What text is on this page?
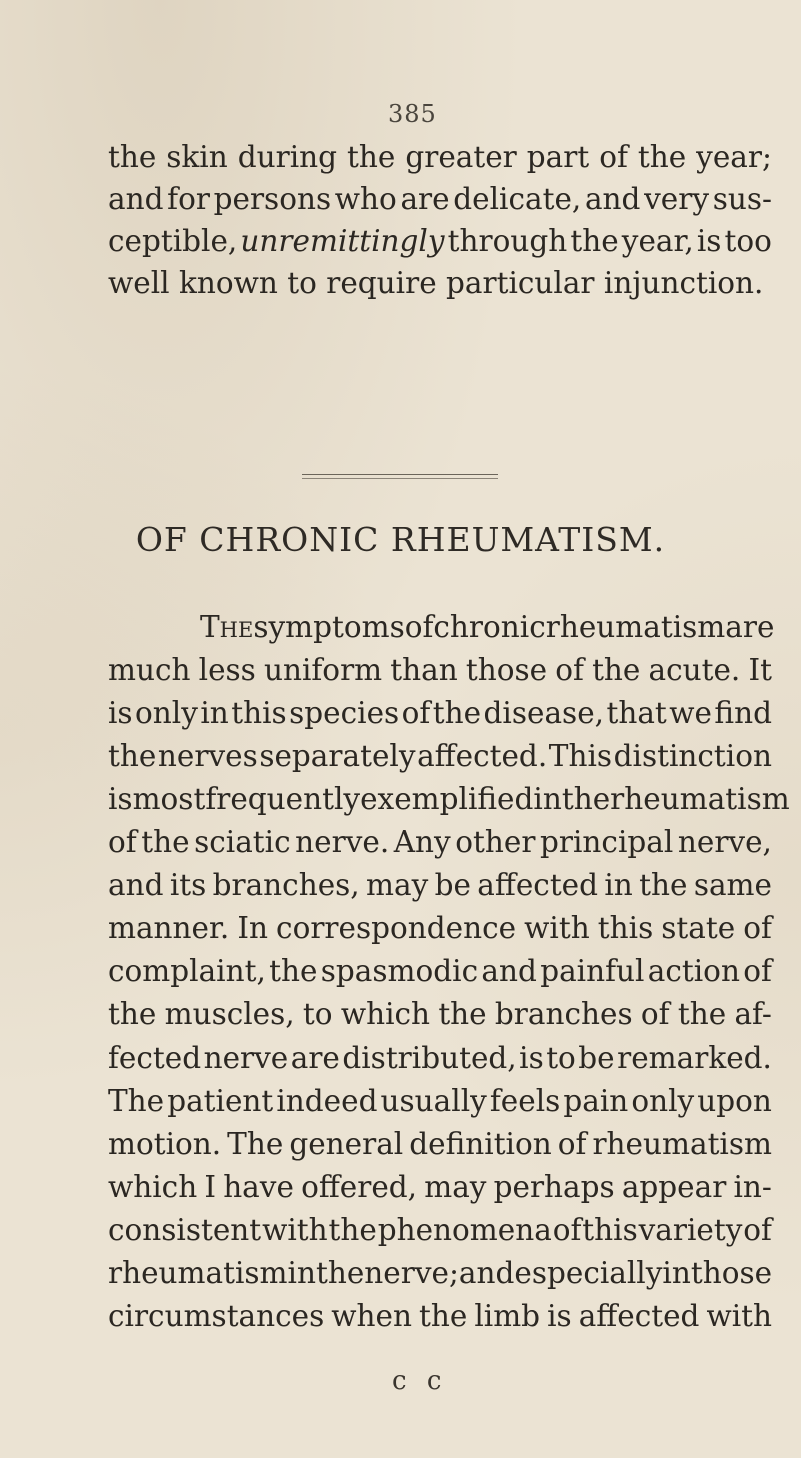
385
the skin during the greater part of the year;
and for persons who are delicate, and very sus-
ceptible, unremittingly through the year, is too
well known to require particular injunction.
OF CHRONIC RHEUMATISM.
The symptoms of chronic rheumatism are
much less uniform than those of the acute. It
is only in this species of the disease, that we find
the nerves separately affected. This distinction
is most frequently exemplified in the rheumatism
of the sciatic nerve. Any other principal nerve,
and its branches, may be affected in the same
manner. In correspondence with this state of
complaint, the spasmodic and painful action of
the muscles, to which the branches of the af-
fected nerve are distributed, is to be remarked.
The patient indeed usually feels pain only upon
motion. The general definition of rheumatism
which I have offered, may perhaps appear in-
consistent with the phenomena of this variety of
rheumatism in the nerve; and especially in those
circumstances when the limb is affected with
c c
